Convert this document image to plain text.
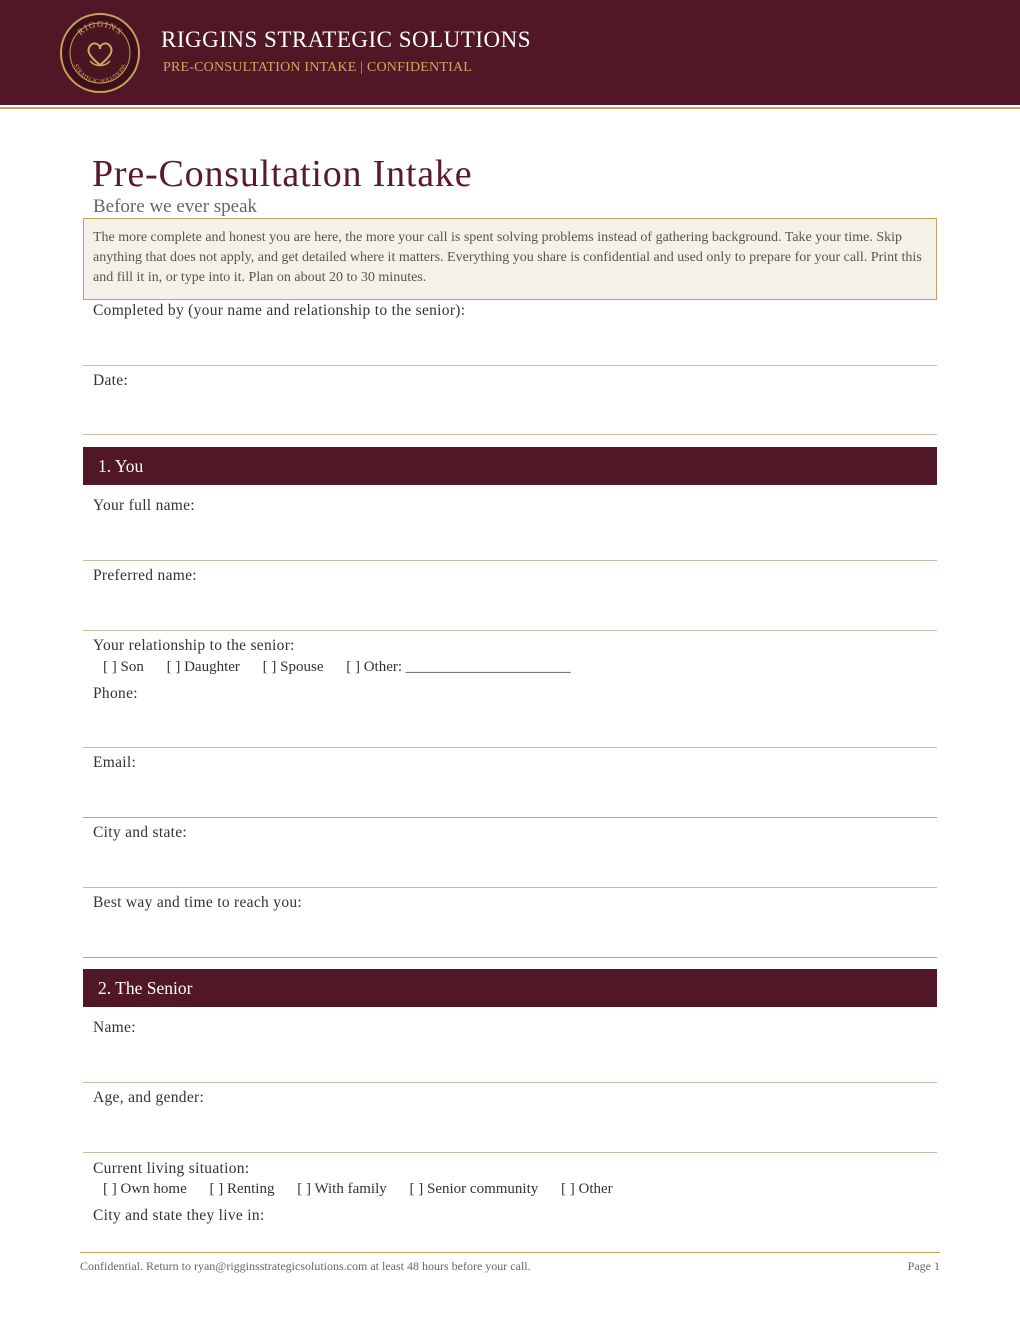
RIGGINS
STRATEGIC SOLUTIONS
RIGGINS STRATEGIC SOLUTIONS
PRE-CONSULTATION INTAKE | CONFIDENTIAL
Pre-Consultation Intake
Before we ever speak
The more complete and honest you are here, the more your call is spent solving problems instead of gathering background. Take your time. Skip anything that does not apply, and get detailed where it matters. Everything you share is confidential and used only to prepare for your call. Print this and fill it in, or type into it. Plan on about 20 to 30 minutes.
Completed by (your name and relationship to the senior):
Date:
1. You
Your full name:
Preferred name:
Your relationship to the senior:
[ ] Son [ ] Daughter [ ] Spouse [ ] Other: ______________________
Phone:
Email:
City and state:
Best way and time to reach you:
2. The Senior
Name:
Age, and gender:
Current living situation:
[ ] Own home [ ] Renting [ ] With family [ ] Senior community [ ] Other
City and state they live in:
Confidential. Return to ryan@rigginsstrategicsolutions.com at least 48 hours before your call.	Page 1
